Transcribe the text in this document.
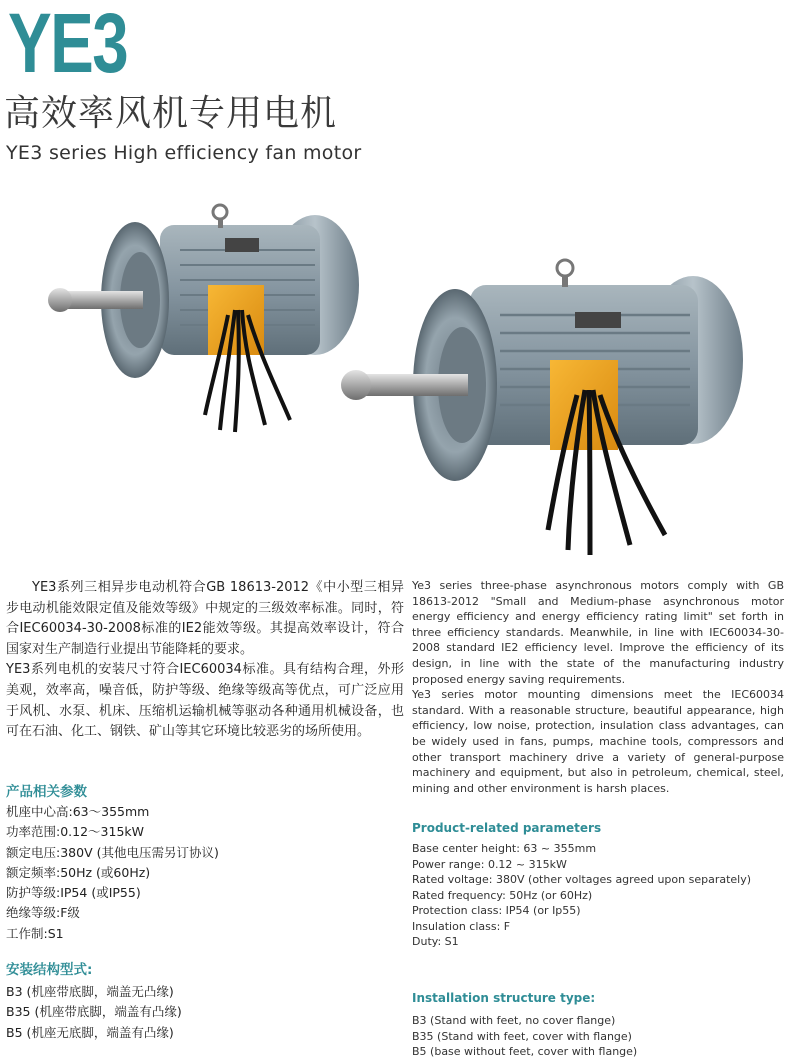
YE3
高效率风机专用电机
YE3 series High efficiency fan motor

YE3系列三相异步电动机符合GB 18613-2012《中小型三相异步电动机能效限定值及能效等级》中规定的三级效率标准。同时，符合IEC60034-30-2008标准的IE2能效等级。其提高效率设计，符合国家对生产制造行业提出节能降耗的要求。

YE3系列电机的安装尺寸符合IEC60034标准。具有结构合理，外形美观，效率高，噪音低，防护等级、绝缘等级高等优点，可广泛应用于风机、水泵、机床、压缩机运输机械等驱动各种通用机械设备，也可在石油、化工、钢铁、矿山等其它环境比较恶劣的场所使用。

Ye3 series three-phase asynchronous motors comply with GB 18613-2012 "Small and Medium-phase asynchronous motor energy efficiency and energy efficiency rating limit" set forth in three efficiency standards. Meanwhile, in line with IEC60034-30-2008 standard IE2 efficiency level. Improve the efficiency of its design, in line with the state of the manufacturing industry proposed energy saving requirements.

Ye3 series motor mounting dimensions meet the IEC60034 standard. With a reasonable structure, beautiful appearance, high efficiency, low noise, protection, insulation class advantages, can be widely used in fans, pumps, machine tools, compressors and other transport machinery drive a variety of general-purpose machinery and equipment, but also in petroleum, chemical, steel, mining and other environment is harsh places.

产品相关参数
机座中心高:63～355mm
功率范围:0.12～315kW
额定电压:380V (其他电压需另订协议)
额定频率:50Hz (或60Hz)
防护等级:IP54 (或IP55)
绝缘等级:F级
工作制:S1
Product-related parameters
Base center height: 63 ~ 355mm
Power range: 0.12 ~ 315kW
Rated voltage: 380V (other voltages agreed upon separately)
Rated frequency: 50Hz (or 60Hz)
Protection class: IP54 (or Ip55)
Insulation class: F
Duty: S1
安装结构型式:
B3 (机座带底脚，端盖无凸缘)
B35 (机座带底脚，端盖有凸缘)
B5 (机座无底脚，端盖有凸缘)
Installation structure type:
B3 (Stand with feet, no cover flange)
B35 (Stand with feet, cover with flange)
B5 (base without feet, cover with flange)
